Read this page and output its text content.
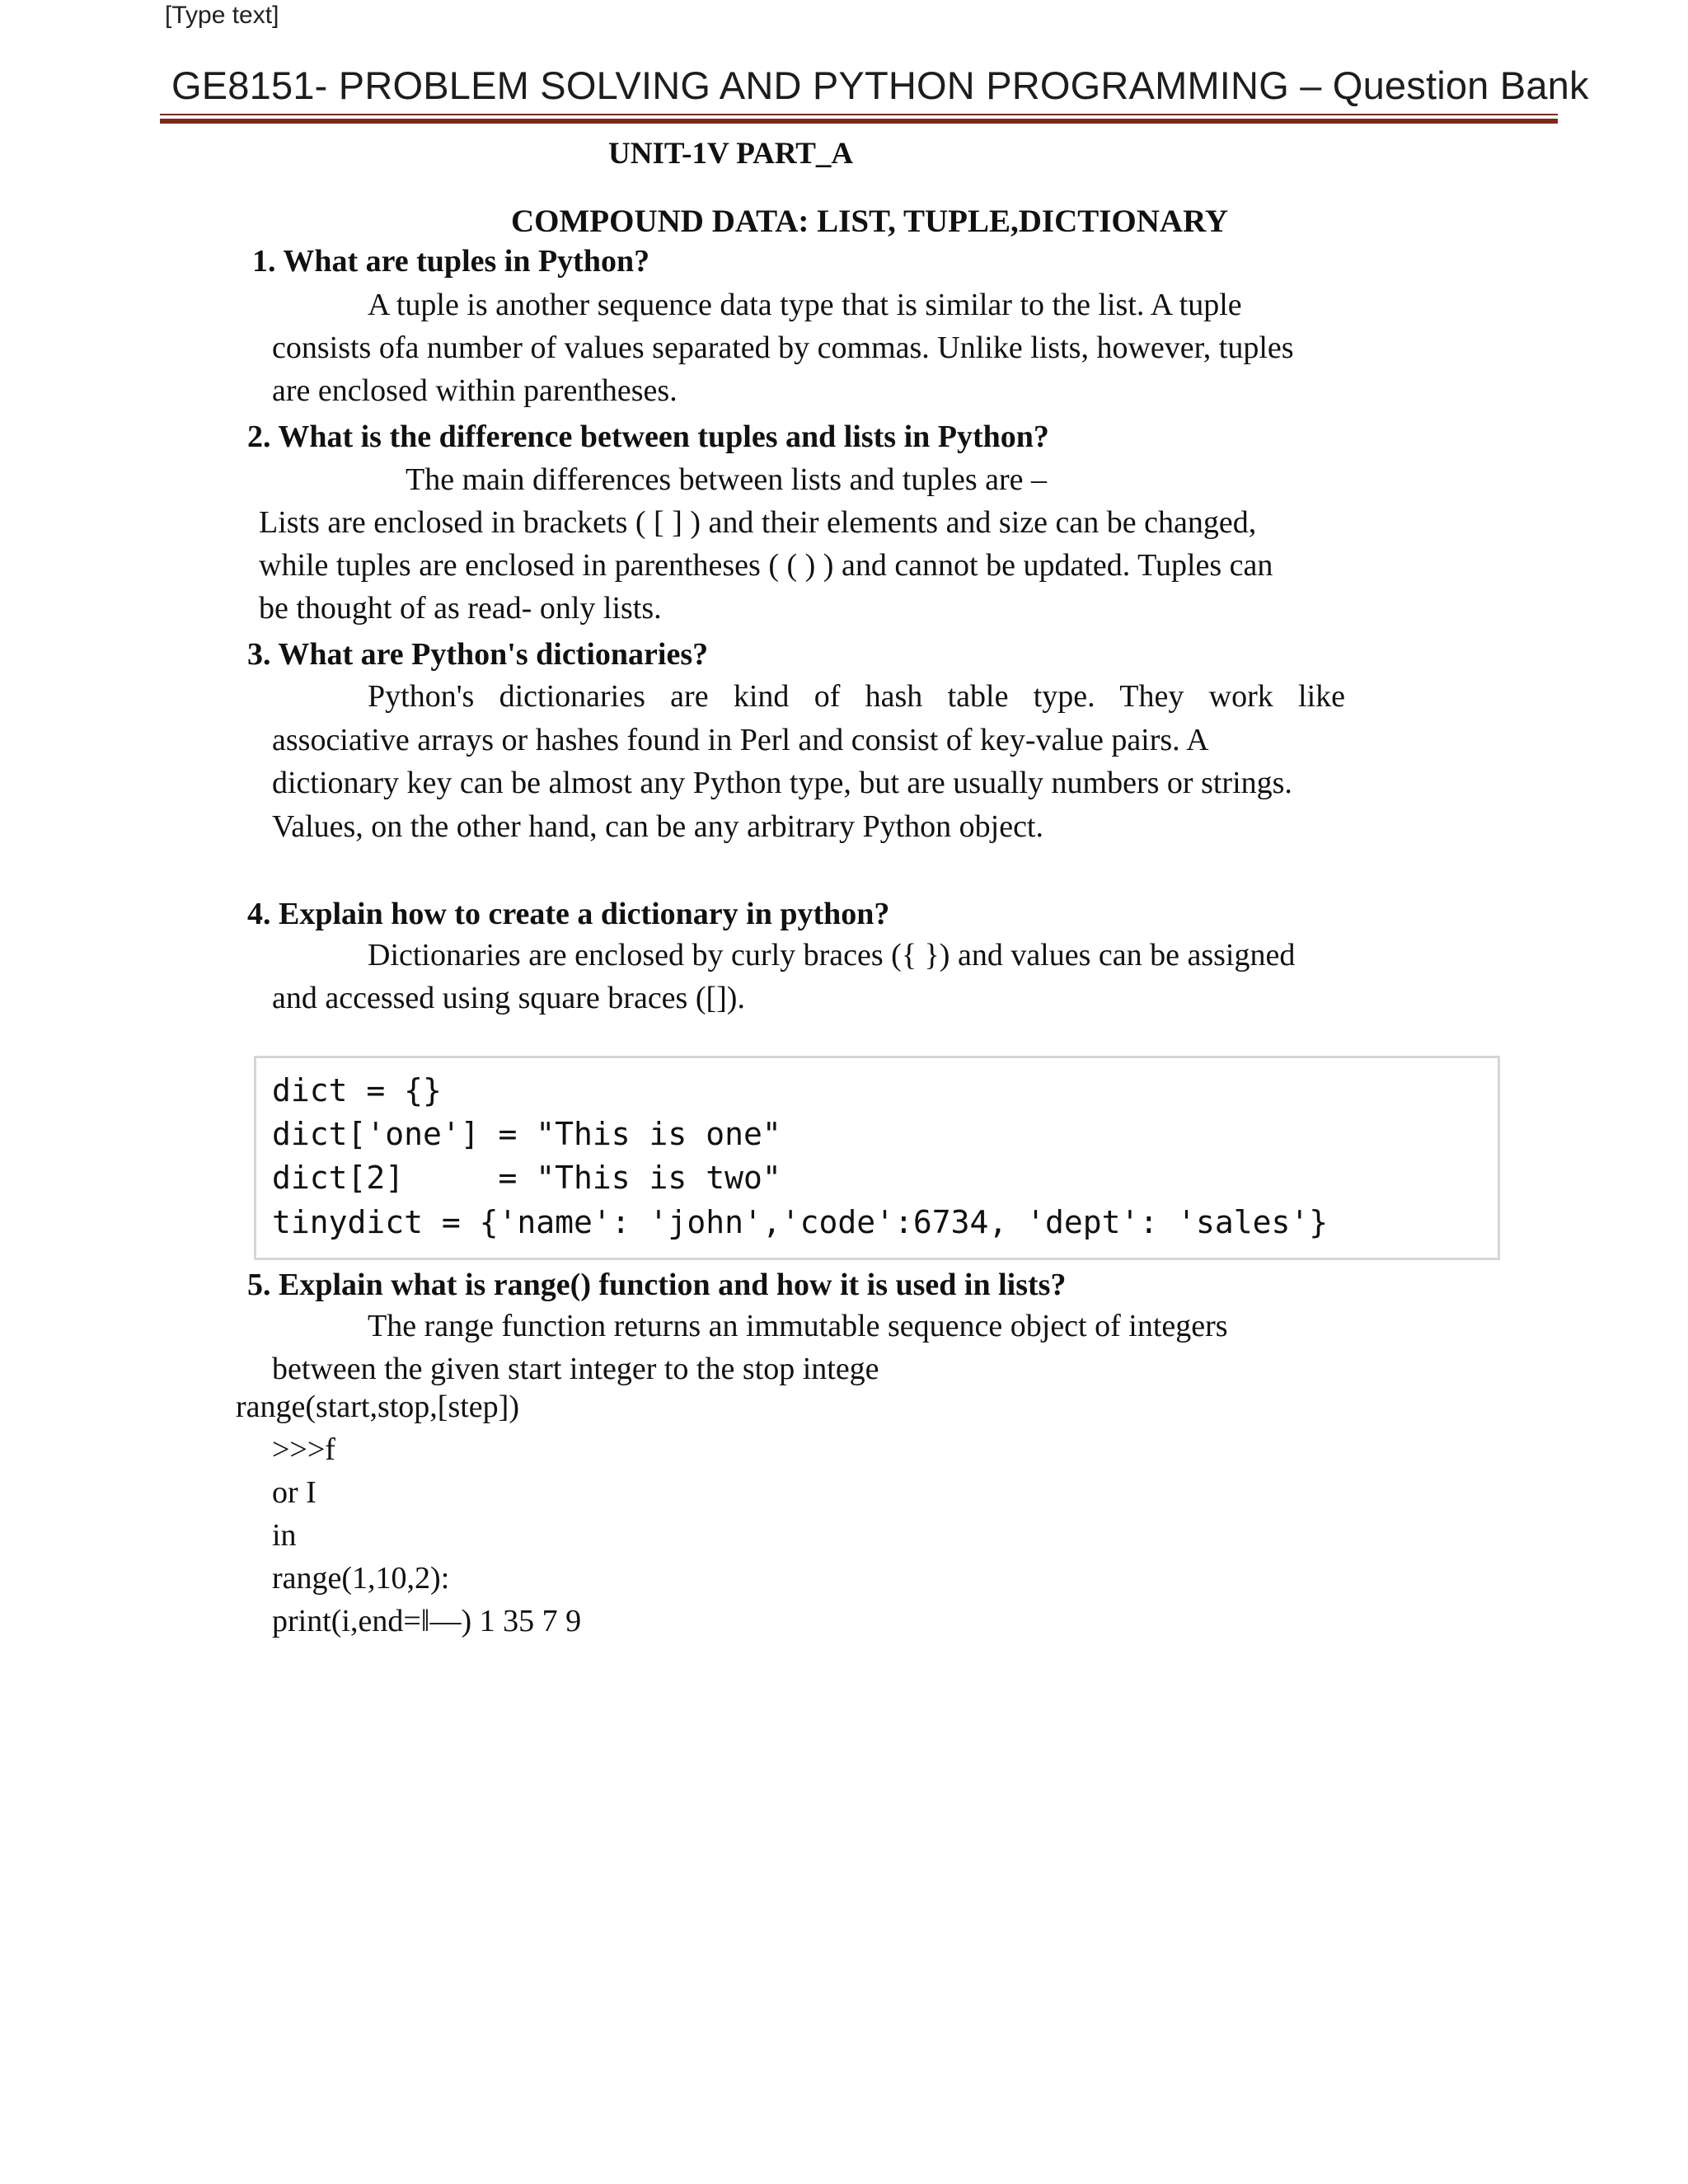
[Type text]
GE8151- PROBLEM SOLVING AND PYTHON PROGRAMMING – Question Bank
UNIT-1V PART_A
COMPOUND DATA: LIST, TUPLE,DICTIONARY
1. What are tuples in Python?
A tuple is another sequence data type that is similar to the list. A tuple
consists ofa number of values separated by commas. Unlike lists, however, tuples
are enclosed within parentheses.
2. What is the difference between tuples and lists in Python?
The main differences between lists and tuples are –
Lists are enclosed in brackets ( [ ] ) and their elements and size can be changed,
while tuples are enclosed in parentheses ( ( ) ) and cannot be updated. Tuples can
be thought of as read- only lists.
3. What are Python's dictionaries?
Python's dictionaries are kind of hash table type. They work like
associative arrays or hashes found in Perl and consist of key-value pairs. A
dictionary key can be almost any Python type, but are usually numbers or strings.
Values, on the other hand, can be any arbitrary Python object.
4. Explain how to create a dictionary in python?
Dictionaries are enclosed by curly braces ({ }) and values can be assigned
and accessed using square braces ([]).
dict = {}
dict['one'] = "This is one"
dict[2]     = "This is two"
tinydict = {'name': 'john','code':6734, 'dept': 'sales'}
5. Explain what is range() function and how it is used in lists?
The range function returns an immutable sequence object of integers
between the given start integer to the stop intege
range(start,stop,[step])
>>>f
or I
in
range(1,10,2):
print(i,end=‖—) 1 35 7 9
